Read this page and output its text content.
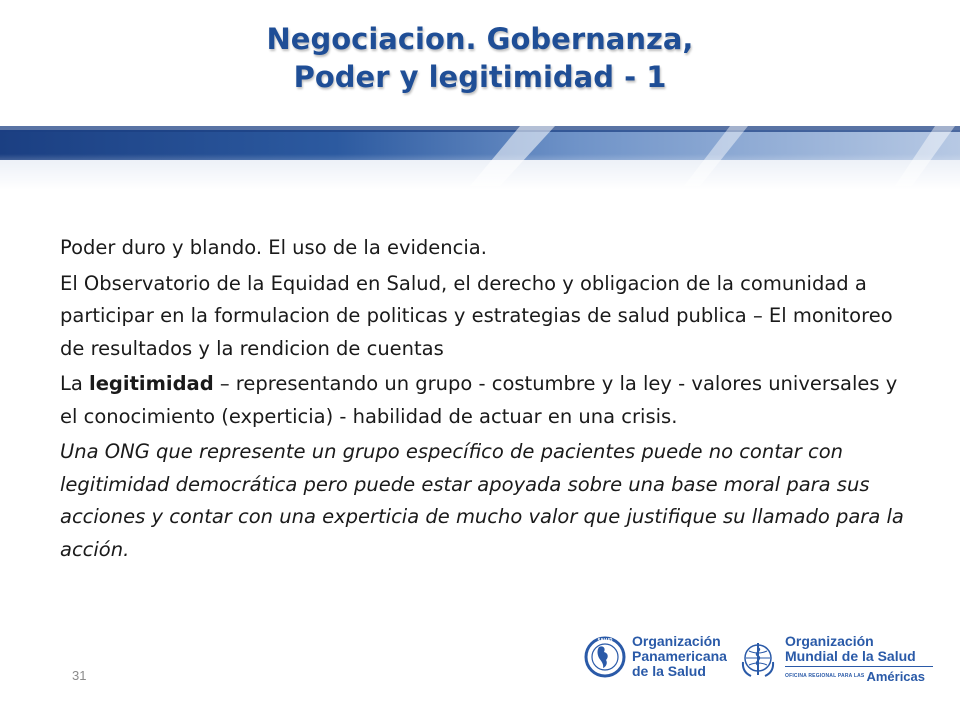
Negociacion. Gobernanza,
Poder y legitimidad - 1

Poder duro y blando. El uso de la evidencia.

El Observatorio de la Equidad en Salud, el derecho y obligacion de la comunidad a participar en la formulacion de politicas y estrategias de salud publica – El monitoreo de resultados y la rendicion de cuentas

La legitimidad – representando un grupo - costumbre y la ley - valores universales y el conocimiento (experticia) - habilidad de actuar en una crisis.

Una ONG que represente un grupo específico de pacientes puede no contar con legitimidad democrática pero puede estar apoyada sobre una base moral para sus acciones y contar con una experticia de mucho valor que justifique su llamado para la acción.

31
SALUD Organización
Panamericana
de la Salud
Organización
Mundial de la Salud
OFICINA REGIONAL PARA LAS Américas
